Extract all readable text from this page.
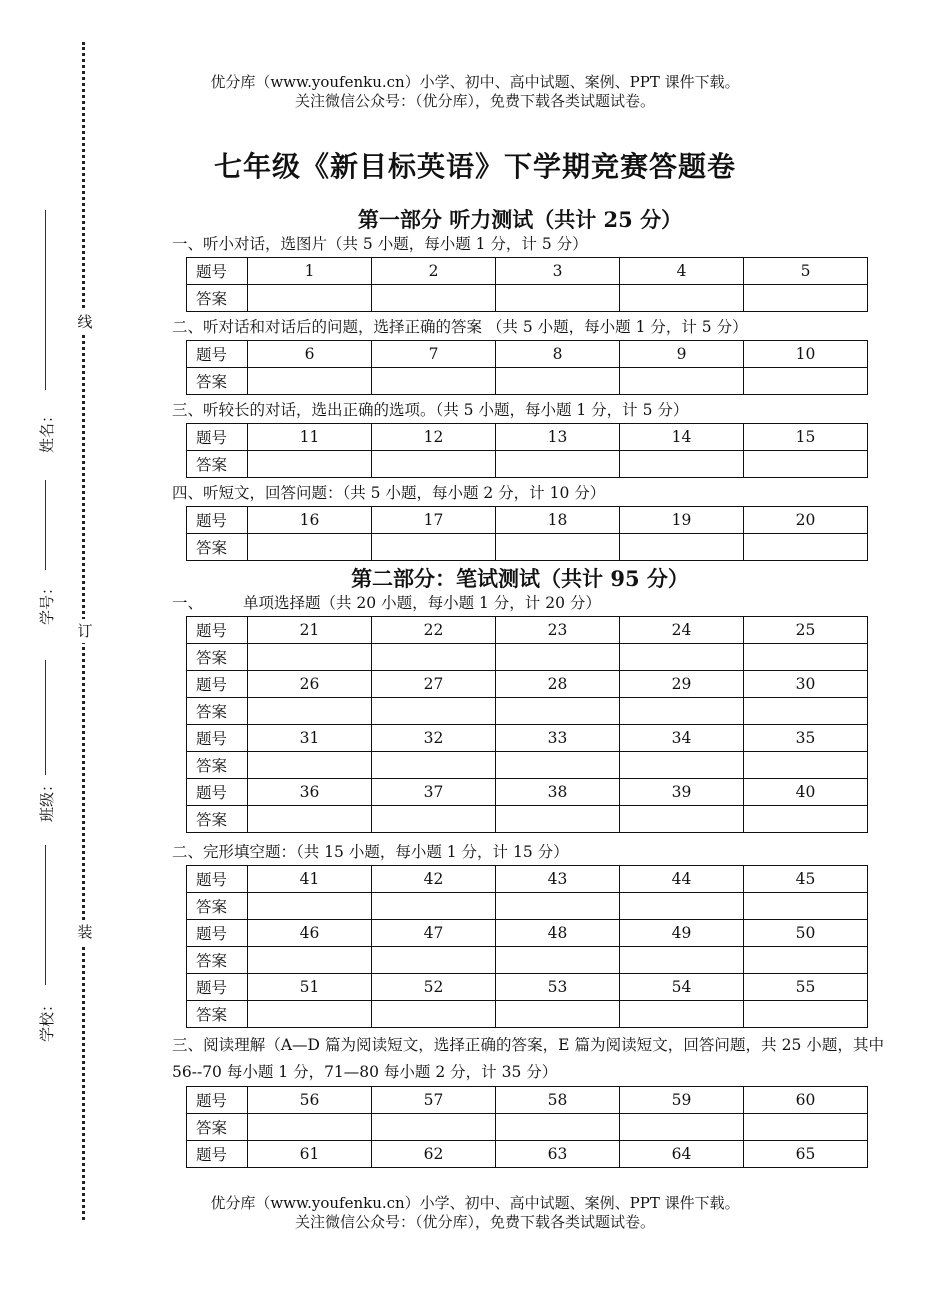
线
订
装
姓名：
学号：
班级：
学校：
优分库（www.youfenku.cn）小学、初中、高中试题、案例、PPT 课件下载。
关注微信公众号：（优分库），免费下载各类试题试卷。
七年级《新目标英语》下学期竞赛答题卷
第一部分 听力测试（共计 25 分）
一、听小对话，选图片（共 5 小题，每小题 1 分，计 5 分）
题号	1	2	3	4	5
答案					
二、听对话和对话后的问题，选择正确的答案 （共 5 小题，每小题 1 分，计 5 分）
题号	6	7	8	9	10
答案					
三、听较长的对话，选出正确的选项。（共 5 小题，每小题 1 分，计 5 分）
题号	11	12	13	14	15
答案					
四、听短文，回答问题：（共 5 小题，每小题 2 分，计 10 分）
题号	16	17	18	19	20
答案					
第二部分：笔试测试（共计 95 分）
一、	单项选择题（共 20 小题，每小题 1 分，计 20 分）
题号	21	22	23	24	25
答案					
题号	26	27	28	29	30
答案					
题号	31	32	33	34	35
答案					
题号	36	37	38	39	40
答案					
二、完形填空题：（共 15 小题，每小题 1 分，计 15 分）
题号	41	42	43	44	45
答案					
题号	46	47	48	49	50
答案					
题号	51	52	53	54	55
答案					
三、阅读理解（A—D 篇为阅读短文，选择正确的答案，E 篇为阅读短文，回答问题，共 25 小题，其中 56--70 每小题 1 分，71—80 每小题 2 分，计 35 分）
题号	56	57	58	59	60
答案					
题号	61	62	63	64	65
优分库（www.youfenku.cn）小学、初中、高中试题、案例、PPT 课件下载。
关注微信公众号：（优分库），免费下载各类试题试卷。
